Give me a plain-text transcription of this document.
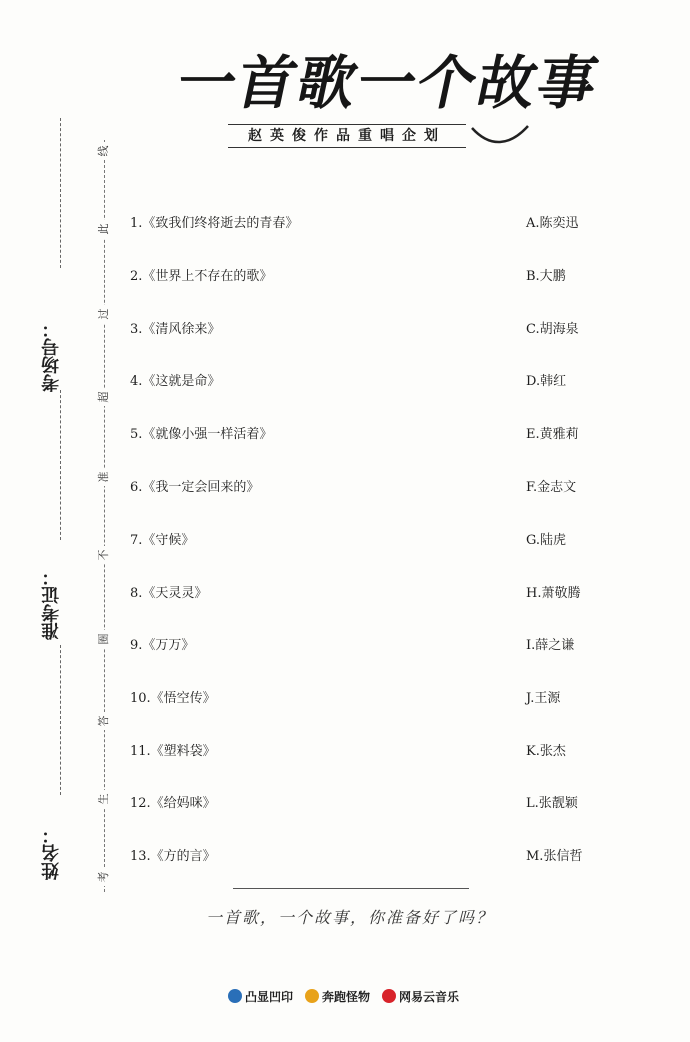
一首歌一个故事
赵英俊作品重唱企划
考场号：
准考证：
姓名：
线
此
过
超
准
不
圈
答
生
考
1.《致我们终将逝去的青春》	A.陈奕迅
2.《世界上不存在的歌》	B.大鹏
3.《清风徐来》	C.胡海泉
4.《这就是命》	D.韩红
5.《就像小强一样活着》	E.黄雅莉
6.《我一定会回来的》	F.金志文
7.《守候》	G.陆虎
8.《天灵灵》	H.萧敬腾
9.《万万》	I.薛之谦
10.《悟空传》	J.王源
11.《塑料袋》	K.张杰
12.《给妈咪》	L.张靓颖
13.《方的言》	M.张信哲
一首歌，一个故事，你准备好了吗？
凸显凹印 奔跑怪物 网易云音乐
